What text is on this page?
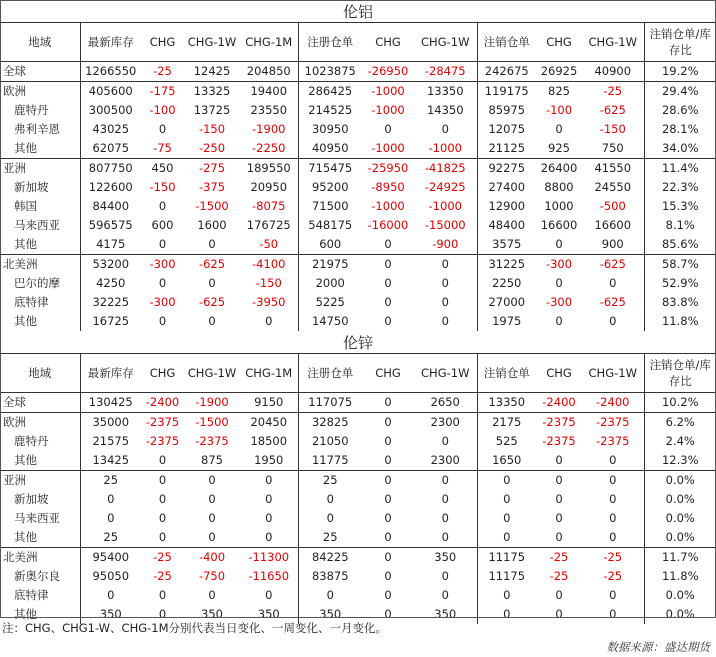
伦铝											
地域	最新库存	CHG	CHG-1W	CHG-1M	注册仓单	CHG	CHG-1W	注销仓单	CHG	CHG-1W	注销仓单/库存比
全球	1266550	-25	12425	204850	1023875	-26950	-28475	242675	26925	40900	19.2%
欧洲	405600	-175	13325	19400	286425	-1000	13350	119175	825	-25	29.4%
鹿特丹	300500	-100	13725	23550	214525	-1000	14350	85975	-100	-625	28.6%
弗利辛恩	43025	0	-150	-1900	30950	0	0	12075	0	-150	28.1%
其他	62075	-75	-250	-2250	40950	-1000	-1000	21125	925	750	34.0%
亚洲	807750	450	-275	189550	715475	-25950	-41825	92275	26400	41550	11.4%
新加坡	122600	-150	-375	20950	95200	-8950	-24925	27400	8800	24550	22.3%
韩国	84400	0	-1500	-8075	71500	-1000	-1000	12900	1000	-500	15.3%
马来西亚	596575	600	1600	176725	548175	-16000	-15000	48400	16600	16600	8.1%
其他	4175	0	0	-50	600	0	-900	3575	0	900	85.6%
北美洲	53200	-300	-625	-4100	21975	0	0	31225	-300	-625	58.7%
巴尔的摩	4250	0	0	-150	2000	0	0	2250	0	0	52.9%
底特律	32225	-300	-625	-3950	5225	0	0	27000	-300	-625	83.8%
其他	16725	0	0	0	14750	0	0	1975	0	0	11.8%
伦锌											
地域	最新库存	CHG	CHG-1W	CHG-1M	注册仓单	CHG	CHG-1W	注销仓单	CHG	CHG-1W	注销仓单/库存比
全球	130425	-2400	-1900	9150	117075	0	2650	13350	-2400	-2400	10.2%
欧洲	35000	-2375	-1500	20450	32825	0	2300	2175	-2375	-2375	6.2%
鹿特丹	21575	-2375	-2375	18500	21050	0	0	525	-2375	-2375	2.4%
其他	13425	0	875	1950	11775	0	2300	1650	0	0	12.3%
亚洲	25	0	0	0	25	0	0	0	0	0	0.0%
新加坡	0	0	0	0	0	0	0	0	0	0	0.0%
马来西亚	0	0	0	0	0	0	0	0	0	0	0.0%
其他	25	0	0	0	25	0	0	0	0	0	0.0%
北美洲	95400	-25	-400	-11300	84225	0	350	11175	-25	-25	11.7%
新奥尔良	95050	-25	-750	-11650	83875	0	0	11175	-25	-25	11.8%
底特律	0	0	0	0	0	0	0	0	0	0	0.0%
其他	350	0	350	350	350	0	350	0	0	0	0.0%
注：CHG、CHG1-W、CHG-1M分别代表当日变化、一周变化、一月变化。
数据来源：盛达期货
